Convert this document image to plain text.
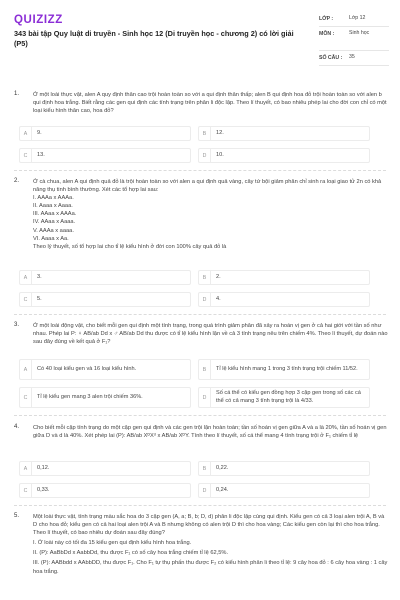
QUIZIZZ
343 bài tập Quy luật di truyền - Sinh học 12 (Di truyền học - chương 2) có lời giải (P5)
LỚP :	Lớp 12
MÔN :	Sinh học
SỐ CÂU :	35
1. Ở một loài thực vật, alen A quy định thân cao trội hoàn toàn so với a qui định thân thấp; alen B qui định hoa đỏ trội hoàn toàn so với alen b qui định hoa trắng. Biết rằng các gen qui định các tính trạng trên phân li độc lập. Theo lí thuyết, có bao nhiêu phép lai cho đời con chỉ có một loại kiểu hình thân cao, hoa đỏ?

A	9.	B	12.
C	13.	D	10.
2. Ở cà chua, alen A qui định quả đỏ là trội hoàn toàn so với alen a qui định quả vàng, cây tứ bội giảm phân chỉ sinh ra loại giao tử 2n có khả năng thụ tinh bình thường. Xét các tổ hợp lai sau:

I. AAAa x AAAa.

II. Aaaa x Aaaa.

III. AAaa x AAAa.

IV. AAaa x Aaaa.

V. AAAa x aaaa.

VI. Aaaa x Aa.

Theo lý thuyết, số tổ hợp lai cho tỉ lệ kiểu hình ở đời con 100% cây quả đỏ là

A	3.	B	2.
C	5.	D	4.
3. Ở một loài động vật, cho biết mỗi gen qui định một tính trạng, trong quá trình giảm phân đã xảy ra hoán vị gen ở cả hai giới với tần số như nhau. Phép lai P: ♀ AB/ab Dd x ♂ AB/ab Dd thu được có tỉ lệ kiểu hình lặn về cả 3 tính trạng nêu trên chiếm 4%. Theo lí thuyết, dự đoán nào sau đây đúng về kết quả ở F₁?

A	Có 40 loại kiểu gen và 16 loại kiểu hình.	B	Tỉ lệ kiểu hình mang 1 trong 3 tính trạng trội chiếm 11/52.
C	Tỉ lệ kiểu gen mang 3 alen trội chiếm 36%.	D
Số cá thể có kiểu gen đồng hợp 3 cặp gen trong số các cá thể có cả mang 3 tính trạng trội là 4/33.
4. Cho biết mỗi cặp tính trạng do một cặp gen qui định và các gen trội lặn hoàn toàn; tần số hoán vị gen giữa A và a là 20%, tần số hoán vị gen giữa D và d là 40%. Xét phép lai (P): AB/ab XᴰXᵈ x AB/ab XᴰY. Tính theo lí thuyết, số cá thể mang 4 tính trạng trội ở F₁ chiếm tỉ lệ

A	0,12.	B	0,22.
C	0,33.	D	0,24.
5. Một loài thực vật, tính trạng màu sắc hoa do 3 cặp gen (A, a; B, b; D, d) phân li độc lập cùng qui định. Kiểu gen có cả 3 loại alen trội A, B và D cho hoa đỏ; kiểu gen có cả hai loại alen trội A và B nhưng không có alen trội D thì cho hoa vàng; Các kiểu gen còn lại thì cho hoa trắng. Theo lí thuyết, có bao nhiêu dự đoán sau đây đúng?

I. Ở loài này có tối đa 15 kiểu gen qui định kiểu hình hoa trắng.

II. (P): AaBbDd x AabbDd, thu được F₁ có số cây hoa trắng chiếm tỉ lệ 62,5%.

III. (P): AABbdd x AAbbDD, thu được F₁. Cho F₁ tự thụ phấn thu được F₂ có kiểu hình phân li theo tỉ lệ: 9 cây hoa đỏ : 6 cây hoa vàng : 1 cây hoa trắng.
